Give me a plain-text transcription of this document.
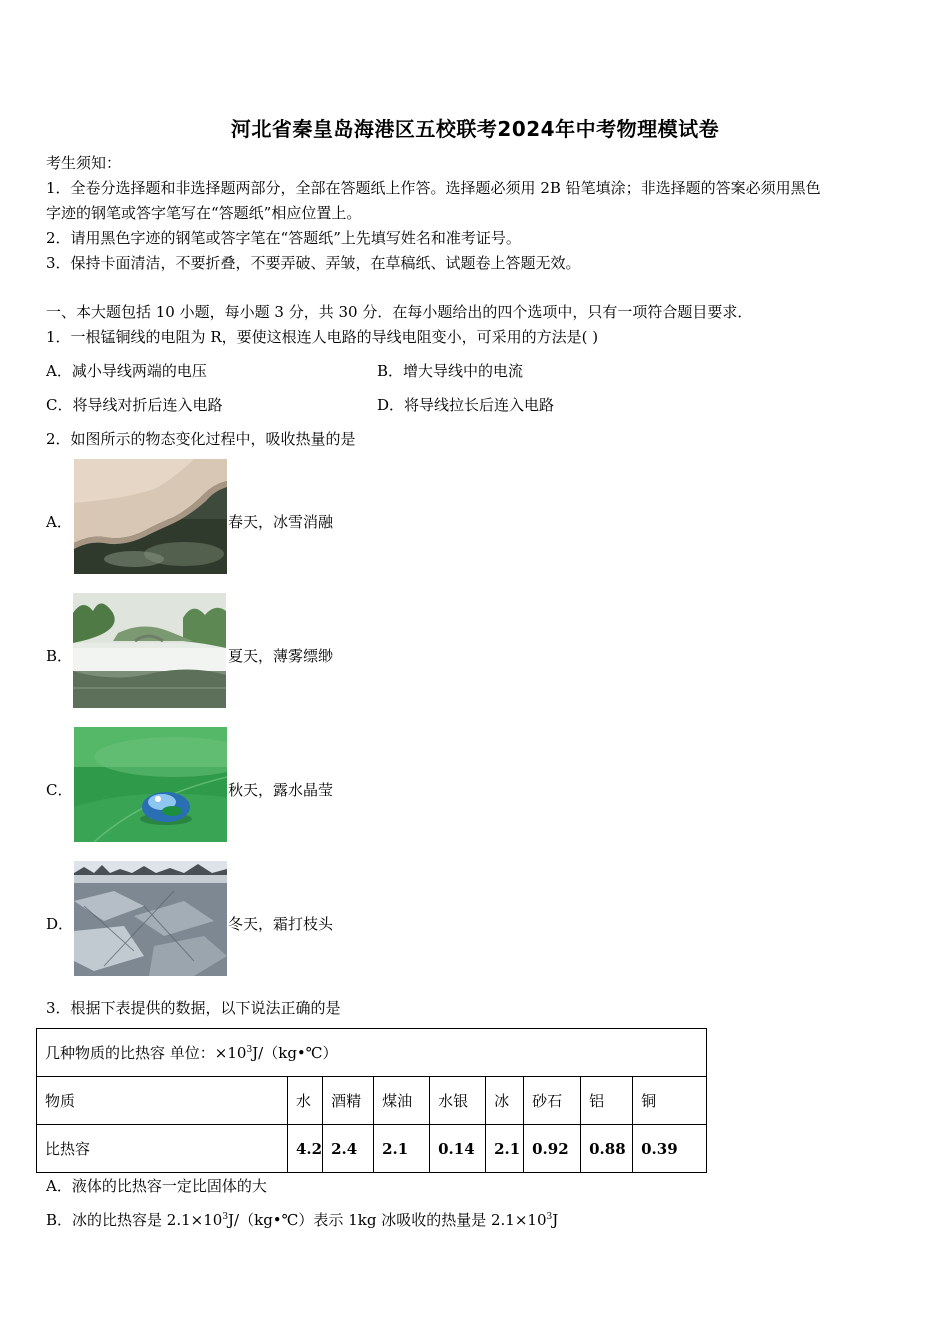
河北省秦皇岛海港区五校联考2024年中考物理模试卷
考生须知：
1．全卷分选择题和非选择题两部分，全部在答题纸上作答。选择题必须用 2B 铅笔填涂；非选择题的答案必须用黑色
字迹的钢笔或答字笔写在“答题纸”相应位置上。
2．请用黑色字迹的钢笔或答字笔在“答题纸”上先填写姓名和准考证号。
3．保持卡面清洁，不要折叠，不要弄破、弄皱，在草稿纸、试题卷上答题无效。
一、本大题包括 10 小题，每小题 3 分，共 30 分．在每小题给出的四个选项中，只有一项符合题目要求．
1．一根锰铜线的电阻为 R，要使这根连人电路的导线电阻变小，可采用的方法是( )
A．减小导线两端的电压	B．增大导线中的电流
C．将导线对折后连入电路	D．将导线拉长后连入电路
2．如图所示的物态变化过程中，吸收热量的是
A．	春天，冰雪消融
B．	夏天，薄雾缥缈
C．	秋天，露水晶莹
D．	冬天，霜打枝头
3．根据下表提供的数据，以下说法正确的是
几种物质的比热容 单位：$\times 10^3J/(kg•℃)$								
物质	水	酒精	煤油	水银	冰	砂石	铝	铜
比热容	4.2	2.4	2.1	0.14	2.1	0.92	0.88	0.39
A．液体的比热容一定比固体的大
B．冰的比热容是 $2.1\times 10^3J/(kg•℃)$表示 1kg 冰吸收的热量是 $2.1\times 10^3J$
